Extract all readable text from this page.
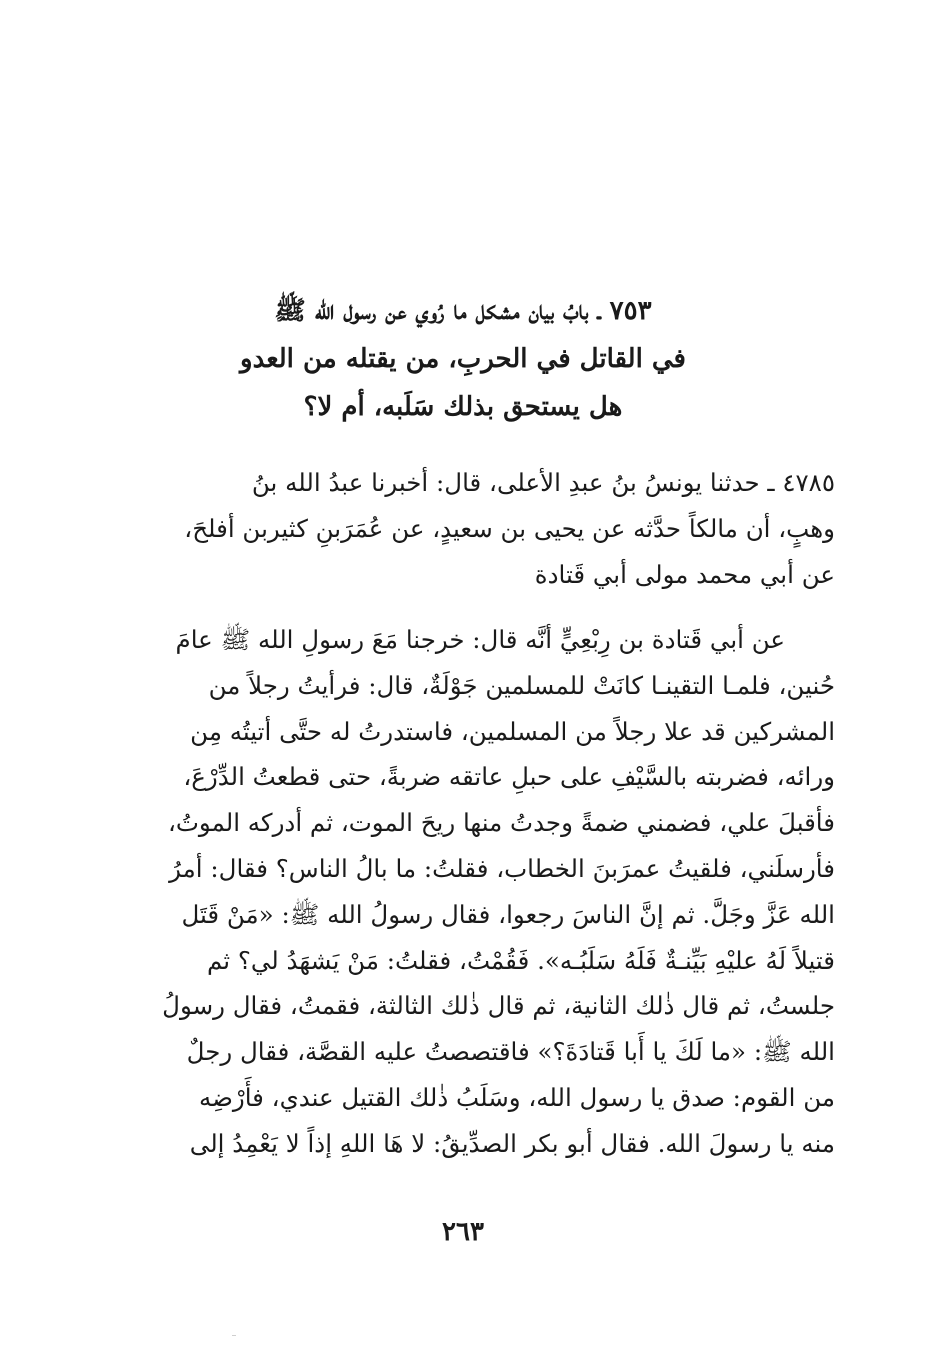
٧٥٣ ـ بابُ بيان مشكل ما رُوي عن رسول الله ﷺ
في القاتل في الحربِ، من يقتله من العدو
هل يستحق بذلك سَلَبه، أم لا؟
٤٧٨٥ ـ حدثنا يونسُ بنُ عبدِ الأعلى، قال: أخبرنا عبدُ الله بنُ
وهبٍ، أن مالكاً حدَّثه عن يحيى بن سعيدٍ، عن عُمَرَبنِ كثيربن أفلحَ،
عن أبي محمد مولى أبي قَتادة
عن أبي قَتادة بن رِبْعِيٍّ أنَّه قال: خرجنا مَعَ رسولِ الله ﷺ عامَ
حُنين، فلمـا التقينـا كانَتْ للمسلمين جَوْلَةٌ، قال: فرأيتُ رجلاً من
المشركين قد علا رجلاً من المسلمين، فاستدرتُ له حتَّى أتيتُه مِن
ورائه، فضربته بالسَّيْفِ على حبلِ عاتقه ضربةً، حتى قطعتُ الدِّرْعَ،
فأقبلَ علي، فضمني ضمةً وجدتُ منها ريحَ الموت، ثم أدركه الموتُ،
فأرسلَني، فلقيتُ عمرَبنَ الخطاب، فقلتُ: ما بالُ الناس؟ فقال: أمرُ
الله عَزَّ وجَلَّ. ثم إنَّ الناسَ رجعوا، فقال رسولُ الله ﷺ: «مَنْ قَتَل
قتيلاً لَهُ عليْهِ بَيِّنـةٌ فَلَهُ سَلَبُـه». فَقُمْتُ، فقلتُ: مَنْ يَشهَدُ لي؟ ثم
جلستُ، ثم قال ذٰلك الثانية، ثم قال ذٰلك الثالثة، فقمتُ، فقال رسولُ
الله ﷺ: «ما لَكَ يا أَبا قَتادَةَ؟» فاقتصصتُ عليه القصَّة، فقال رجلٌ
من القوم: صدق يا رسول الله، وسَلَبُ ذٰلك القتيل عندي، فأَرْضِه
منه يا رسولَ الله. فقال أبو بكر الصدِّيقُ: لا هَا اللهِ إذاً لا يَعْمِدُ إلى
٢٦٣
